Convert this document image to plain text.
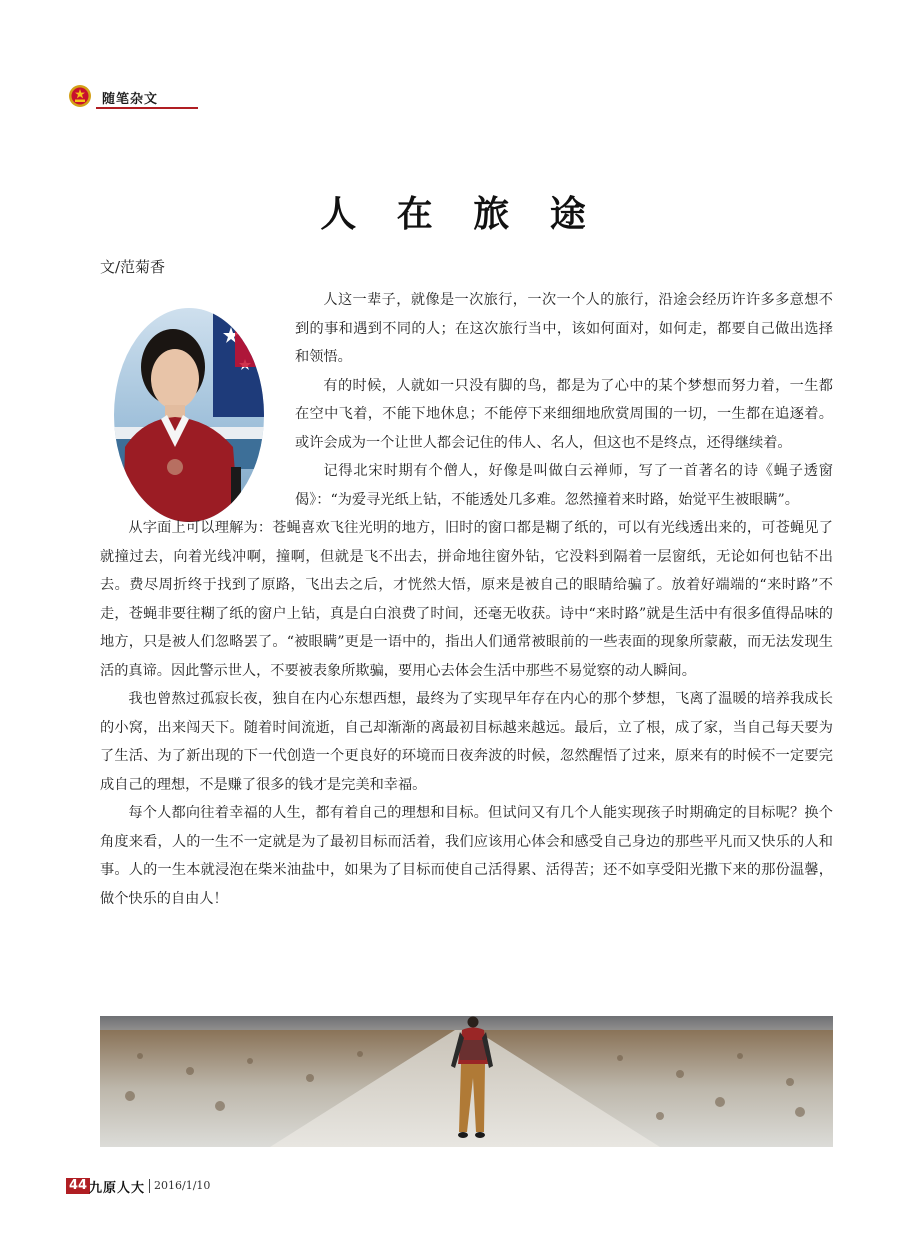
随笔杂文
人 在 旅 途
文/范菊香

人这一辈子，就像是一次旅行，一次一个人的旅行，沿途会经历许许多多意想不到的事和遇到不同的人；在这次旅行当中，该如何面对，如何走，都要自己做出选择和领悟。

有的时候，人就如一只没有脚的鸟，都是为了心中的某个梦想而努力着，一生都在空中飞着，不能下地休息；不能停下来细细地欣赏周围的一切，一生都在追逐着。或许会成为一个让世人都会记住的伟人、名人，但这也不是终点，还得继续着。

记得北宋时期有个僧人，好像是叫做白云禅师，写了一首著名的诗《蝇子透窗偈》：“为爱寻光纸上钻，不能透处几多难。忽然撞着来时路，始觉平生被眼瞒”。

从字面上可以理解为：苍蝇喜欢飞往光明的地方，旧时的窗口都是糊了纸的，可以有光线透出来的，可苍蝇见了就撞过去，向着光线冲啊，撞啊，但就是飞不出去，拼命地往窗外钻，它没料到隔着一层窗纸，无论如何也钻不出去。费尽周折终于找到了原路，飞出去之后，才恍然大悟，原来是被自己的眼睛给骗了。放着好端端的“来时路”不走，苍蝇非要往糊了纸的窗户上钻，真是白白浪费了时间，还毫无收获。诗中“来时路”就是生活中有很多值得品味的地方，只是被人们忽略罢了。“被眼瞒”更是一语中的，指出人们通常被眼前的一些表面的现象所蒙蔽，而无法发现生活的真谛。因此警示世人，不要被表象所欺骗，要用心去体会生活中那些不易觉察的动人瞬间。

我也曾熬过孤寂长夜，独自在内心东想西想，最终为了实现早年存在内心的那个梦想，飞离了温暖的培养我成长的小窝，出来闯天下。随着时间流逝，自己却渐渐的离最初目标越来越远。最后，立了根，成了家，当自己每天要为了生活、为了新出现的下一代创造一个更良好的环境而日夜奔波的时候，忽然醒悟了过来，原来有的时候不一定要完成自己的理想，不是赚了很多的钱才是完美和幸福。

每个人都向往着幸福的人生，都有着自己的理想和目标。但试问又有几个人能实现孩子时期确定的目标呢？换个角度来看，人的一生不一定就是为了最初目标而活着，我们应该用心体会和感受自己身边的那些平凡而又快乐的人和事。人的一生本就浸泡在柴米油盐中，如果为了目标而使自己活得累、活得苦；还不如享受阳光撒下来的那份温馨，做个快乐的自由人！

44 九原人大 2016/1/10
